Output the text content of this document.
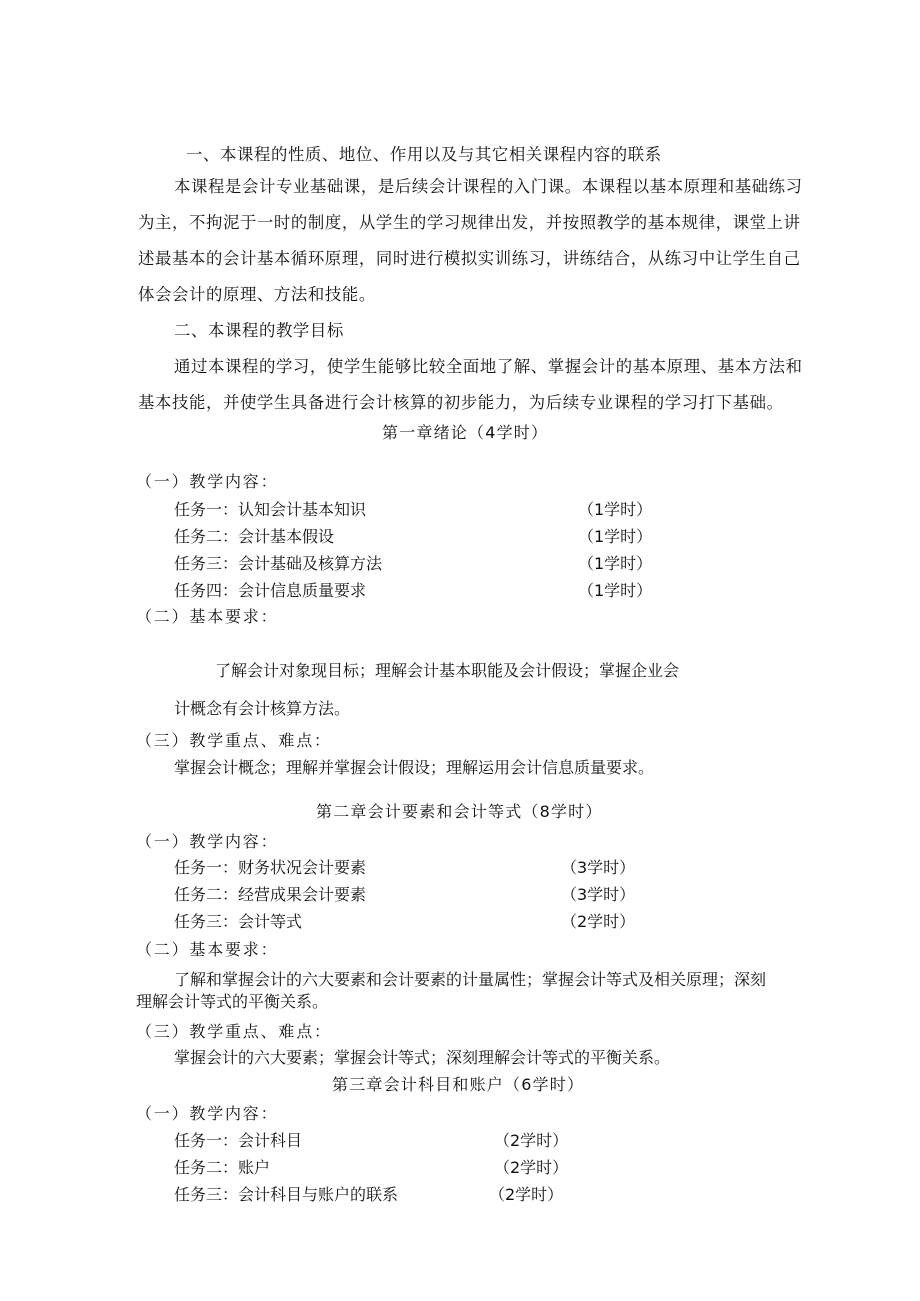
一、本课程的性质、地位、作用以及与其它相关课程内容的联系
本课程是会计专业基础课，是后续会计课程的入门课。本课程以基本原理和基础练习
为主，不拘泥于一时的制度，从学生的学习规律出发，并按照教学的基本规律，课堂上讲
述最基本的会计基本循环原理，同时进行模拟实训练习，讲练结合，从练习中让学生自己
体会会计的原理、方法和技能。
二、本课程的教学目标
通过本课程的学习，使学生能够比较全面地了解、掌握会计的基本原理、基本方法和
基本技能，并使学生具备进行会计核算的初步能力，为后续专业课程的学习打下基础。
第一章绪论（4学时）
（一）教学内容：
任务一：认知会计基本知识	（1学时）
任务二：会计基本假设	（1学时）
任务三：会计基础及核算方法	（1学时）
任务四：会计信息质量要求	（1学时）
（二）基本要求：
了解会计对象现目标；理解会计基本职能及会计假设；掌握企业会
计概念有会计核算方法。
（三）教学重点、难点：
掌握会计概念；理解并掌握会计假设；理解运用会计信息质量要求。
第二章会计要素和会计等式（8学时）
（一）教学内容：
任务一：财务状况会计要素	（3学时）
任务二：经营成果会计要素	（3学时）
任务三：会计等式	（2学时）
（二）基本要求：
了解和掌握会计的六大要素和会计要素的计量属性；掌握会计等式及相关原理；深刻
理解会计等式的平衡关系。
（三）教学重点、难点：
掌握会计的六大要素；掌握会计等式；深刻理解会计等式的平衡关系。
第三章会计科目和账户（6学时）
（一）教学内容：
任务一：会计科目	（2学时）
任务二：账户	（2学时）
任务三：会计科目与账户的联系	（2学时）
